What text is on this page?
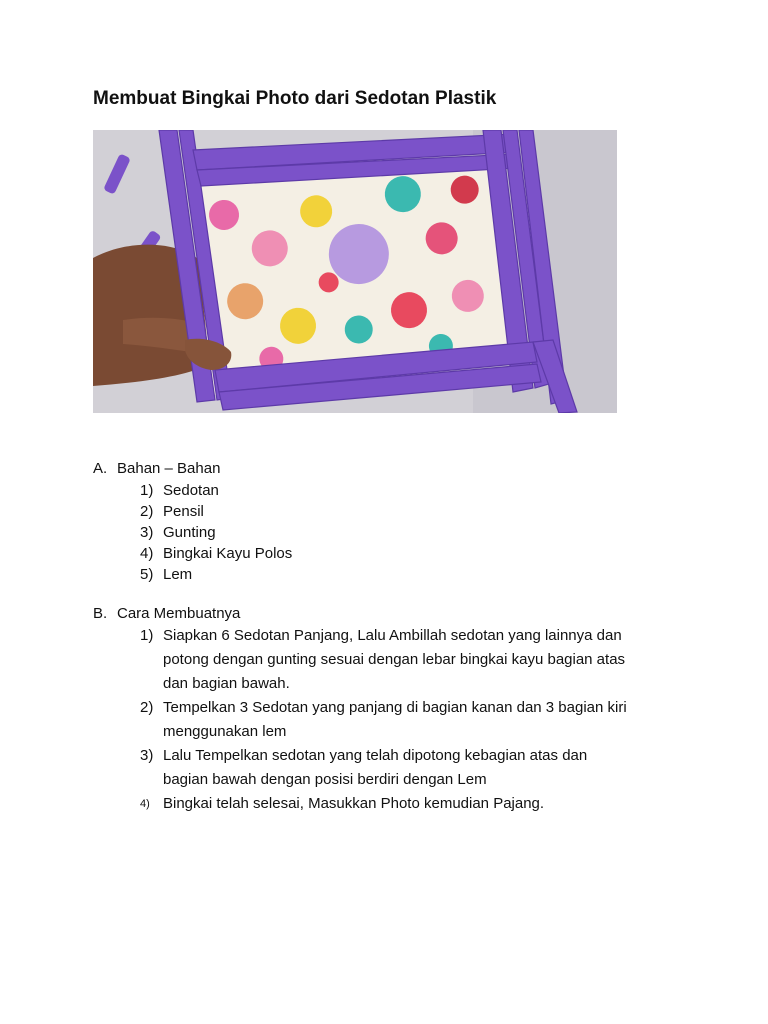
Membuat Bingkai Photo dari Sedotan Plastik
A. Bahan – Bahan
1) Sedotan
2) Pensil
3) Gunting
4) Bingkai Kayu Polos
5) Lem
B. Cara Membuatnya
1) Siapkan 6 Sedotan Panjang, Lalu Ambillah sedotan yang lainnya dan
potong dengan gunting sesuai dengan lebar bingkai kayu bagian atas
dan bagian bawah.
2) Tempelkan 3 Sedotan yang panjang di bagian kanan dan 3 bagian kiri
menggunakan lem
3) Lalu Tempelkan sedotan yang telah dipotong kebagian atas dan
bagian bawah dengan posisi berdiri dengan Lem
4) Bingkai telah selesai, Masukkan Photo kemudian Pajang.
